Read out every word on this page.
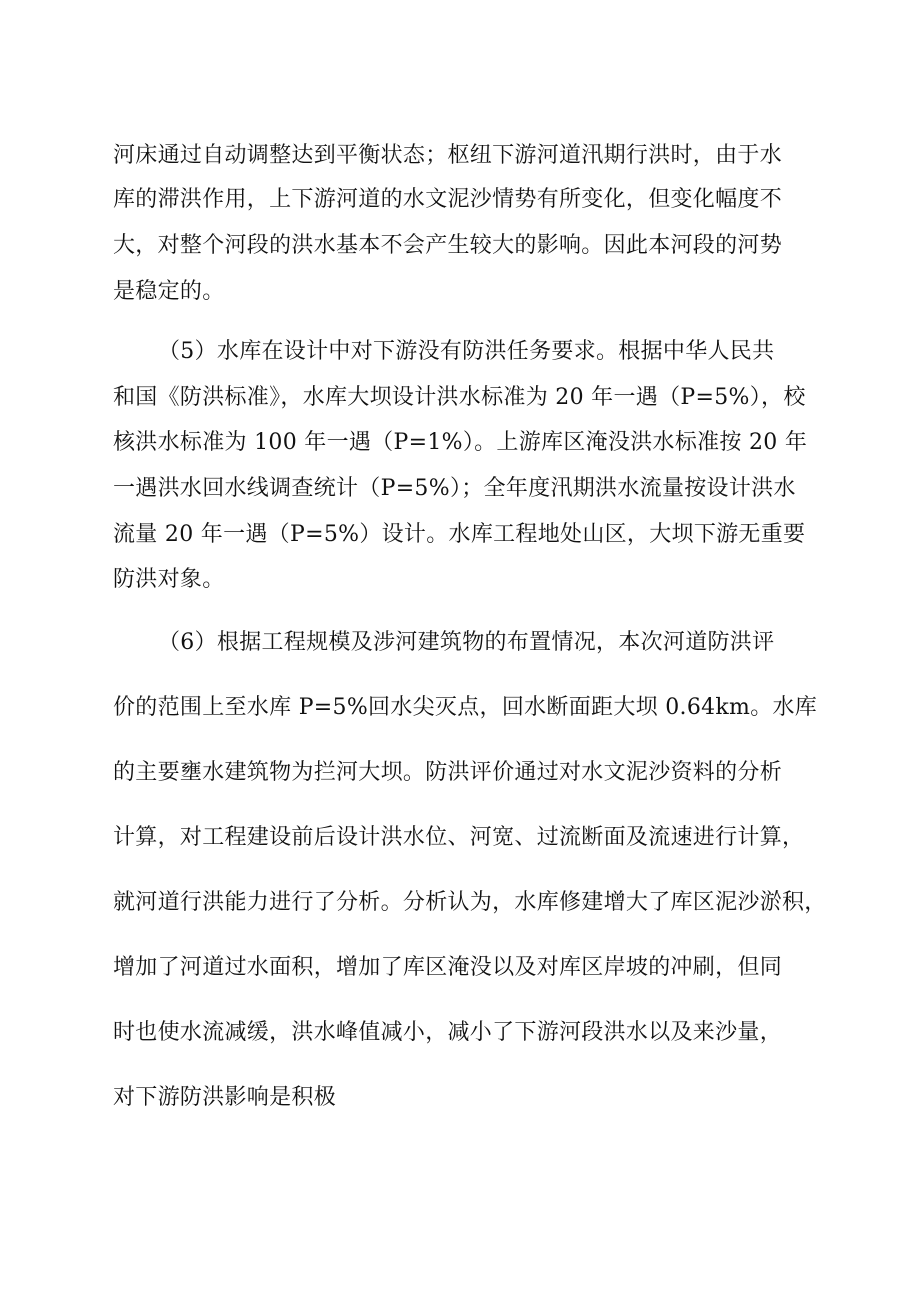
河床通过自动调整达到平衡状态；枢纽下游河道汛期行洪时，由于水

库的滞洪作用，上下游河道的水文泥沙情势有所变化，但变化幅度不

大，对整个河段的洪水基本不会产生较大的影响。因此本河段的河势

是稳定的。

（5）水库在设计中对下游没有防洪任务要求。根据中华人民共

和国《防洪标准》，水库大坝设计洪水标准为 20 年一遇（P=5%），校

核洪水标准为 100 年一遇（P=1%）。上游库区淹没洪水标准按 20 年

一遇洪水回水线调查统计（P=5%）；全年度汛期洪水流量按设计洪水

流量 20 年一遇（P=5%）设计。水库工程地处山区，大坝下游无重要

防洪对象。

（6）根据工程规模及涉河建筑物的布置情况，本次河道防洪评

价的范围上至水库 P=5%回水尖灭点，回水断面距大坝 0.64km。水库

的主要壅水建筑物为拦河大坝。防洪评价通过对水文泥沙资料的分析

计算，对工程建设前后设计洪水位、河宽、过流断面及流速进行计算，

就河道行洪能力进行了分析。分析认为，水库修建增大了库区泥沙淤积，

增加了河道过水面积，增加了库区淹没以及对库区岸坡的冲刷，但同

时也使水流减缓，洪水峰值减小，减小了下游河段洪水以及来沙量，

对下游防洪影响是积极
